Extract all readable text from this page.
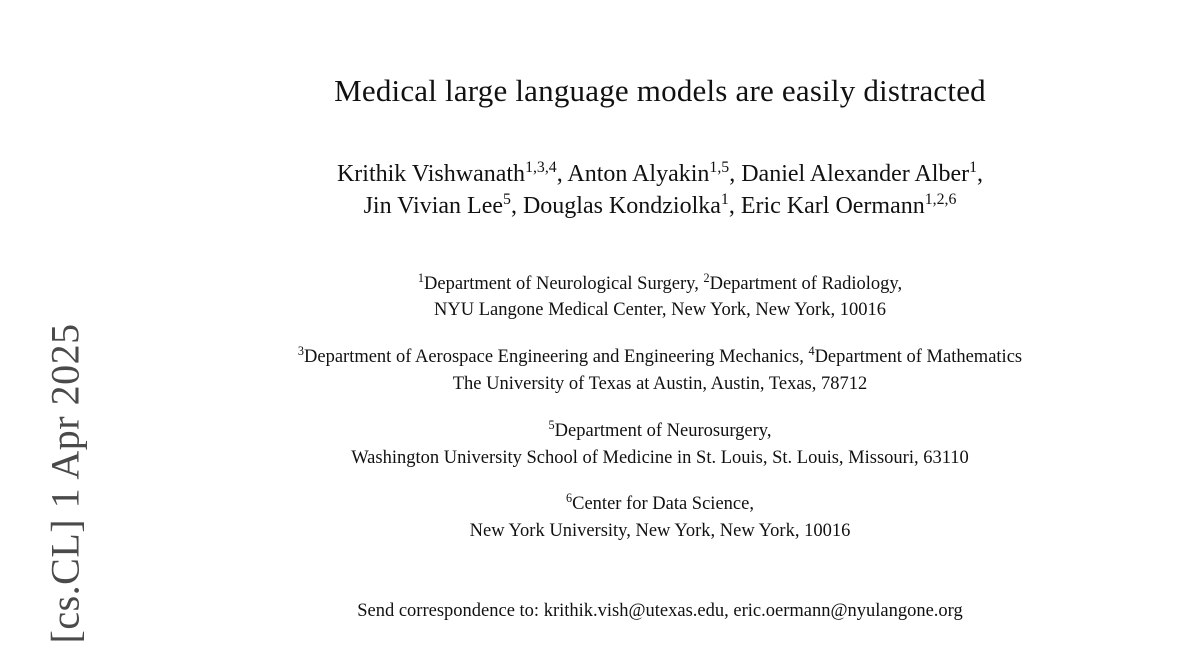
[cs.CL] 1 Apr 2025
Medical large language models are easily distracted
Krithik Vishwanath$^{1,3,4}$, Anton Alyakin$^{1,5}$, Daniel Alexander Alber$^1$,
Jin Vivian Lee$^5$, Douglas Kondziolka$^1$, Eric Karl Oermann$^{1,2,6}$
$^1$Department of Neurological Surgery, $^2$Department of Radiology,
NYU Langone Medical Center, New York, New York, 10016
$^3$Department of Aerospace Engineering and Engineering Mechanics, $^4$Department of Mathematics
The University of Texas at Austin, Austin, Texas, 78712
$^5$Department of Neurosurgery,
Washington University School of Medicine in St. Louis, St. Louis, Missouri, 63110
$^6$Center for Data Science,
New York University, New York, New York, 10016
Send correspondence to: krithik.vish@utexas.edu, eric.oermann@nyulangone.org
